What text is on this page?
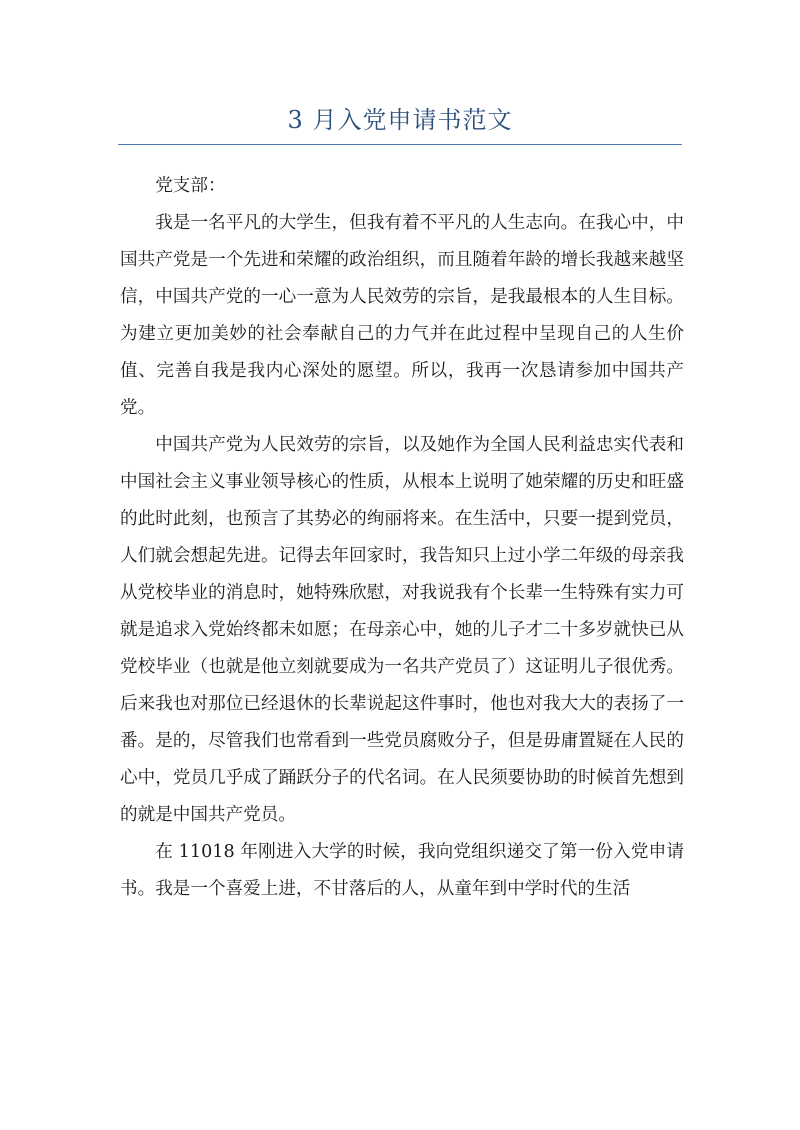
3 月入党申请书范文

党支部：

我是一名平凡的大学生，但我有着不平凡的人生志向。在我心中，中国共产党是一个先进和荣耀的政治组织，而且随着年龄的增长我越来越坚信，中国共产党的一心一意为人民效劳的宗旨，是我最根本的人生目标。为建立更加美妙的社会奉献自己的力气并在此过程中呈现自己的人生价值、完善自我是我内心深处的愿望。所以，我再一次恳请参加中国共产党。

中国共产党为人民效劳的宗旨，以及她作为全国人民利益忠实代表和中国社会主义事业领导核心的性质，从根本上说明了她荣耀的历史和旺盛的此时此刻，也预言了其势必的绚丽将来。在生活中，只要一提到党员，人们就会想起先进。记得去年回家时，我告知只上过小学二年级的母亲我从党校毕业的消息时，她特殊欣慰，对我说我有个长辈一生特殊有实力可就是追求入党始终都未如愿；在母亲心中，她的儿子才二十多岁就快已从党校毕业（也就是他立刻就要成为一名共产党员了）这证明儿子很优秀。后来我也对那位已经退休的长辈说起这件事时，他也对我大大的表扬了一番。是的，尽管我们也常看到一些党员腐败分子，但是毋庸置疑在人民的心中，党员几乎成了踊跃分子的代名词。在人民须要协助的时候首先想到的就是中国共产党员。

在 11018 年刚进入大学的时候，我向党组织递交了第一份入党申请书。我是一个喜爱上进，不甘落后的人，从童年到中学时代的生活
